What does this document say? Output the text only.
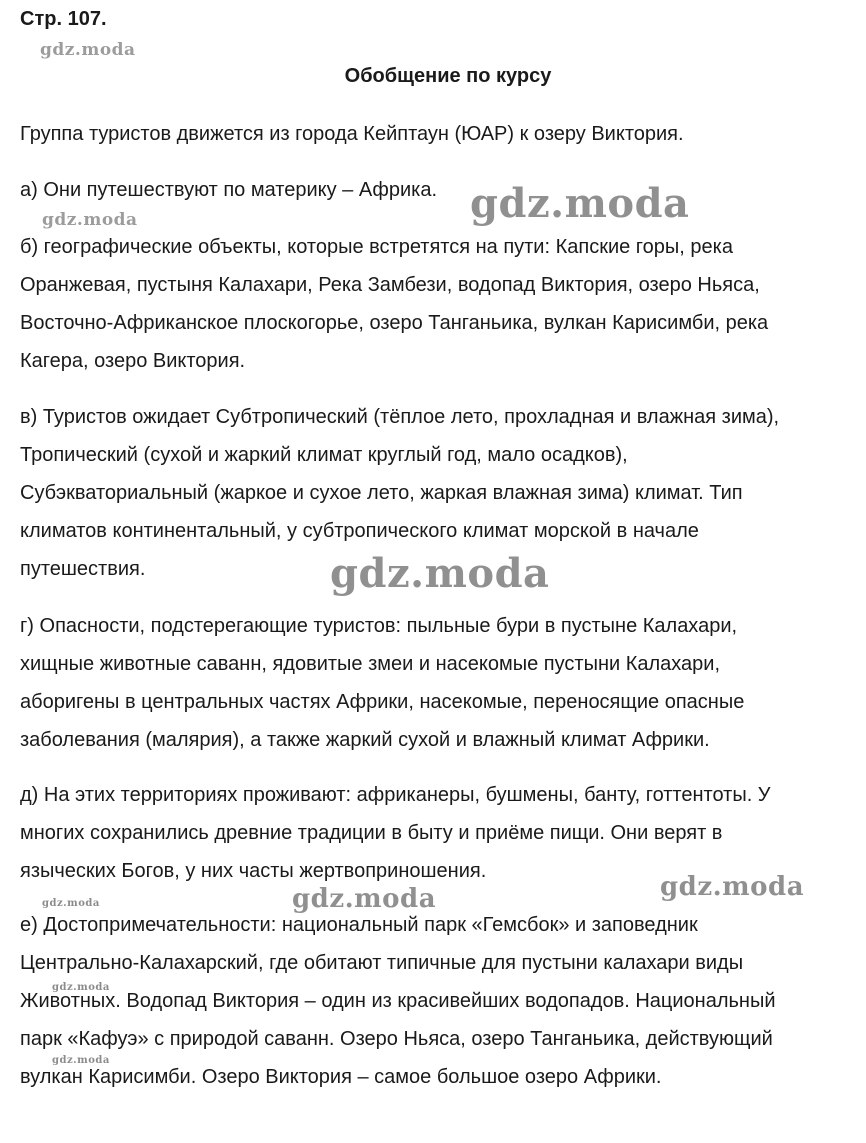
Стр. 107.
gdz.moda
Обобщение по курсу

Группа туристов движется из города Кейптаун (ЮАР) к озеру Виктория.

а) Они путешествуют по материку – Африка. gdz.moda
gdz.moda

б) географические объекты, которые встретятся на пути: Капские горы, река
Оранжевая, пустыня Калахари, Река Замбези, водопад Виктория, озеро Ньяса,
Восточно-Африканское плоскогорье, озеро Танганьика, вулкан Карисимби, река
Кагера, озеро Виктория.

в) Туристов ожидает Субтропический (тёплое лето, прохладная и влажная зима),
Тропический (сухой и жаркий климат круглый год, мало осадков),
Субэкваториальный (жаркое и сухое лето, жаркая влажная зима) климат. Тип
климатов континентальный, у субтропического климат морской в начале
путешествия.	gdz.moda

г) Опасности, подстерегающие туристов: пыльные бури в пустыне Калахари,
хищные животные саванн, ядовитые змеи и насекомые пустыни Калахари,
аборигены в центральных частях Африки, насекомые, переносящие опасные
заболевания (малярия), а также жаркий сухой и влажный климат Африки.

д) На этих территориях проживают: африканеры, бушмены, банту, готтентоты. У
многих сохранились древние традиции в быту и приёме пищи. Они верят в
языческих Богов, у них часты жертвоприношения.

gdz.moda	gdz.moda	gdz.moda

е) Достопримечательности: национальный парк «Гемсбок» и заповедник
Центрально-Калахарский, где обитают типичные для пустыни калахари виды
Животных. Водопад Виктория – один из красивейших водопадов. Национальный
парк «Кафуэ» с природой саванн. Озеро Ньяса, озеро Танганьика, действующий
вулкан Карисимби. Озеро Виктория – самое большое озеро Африки.

gdz.moda
gdz.moda
